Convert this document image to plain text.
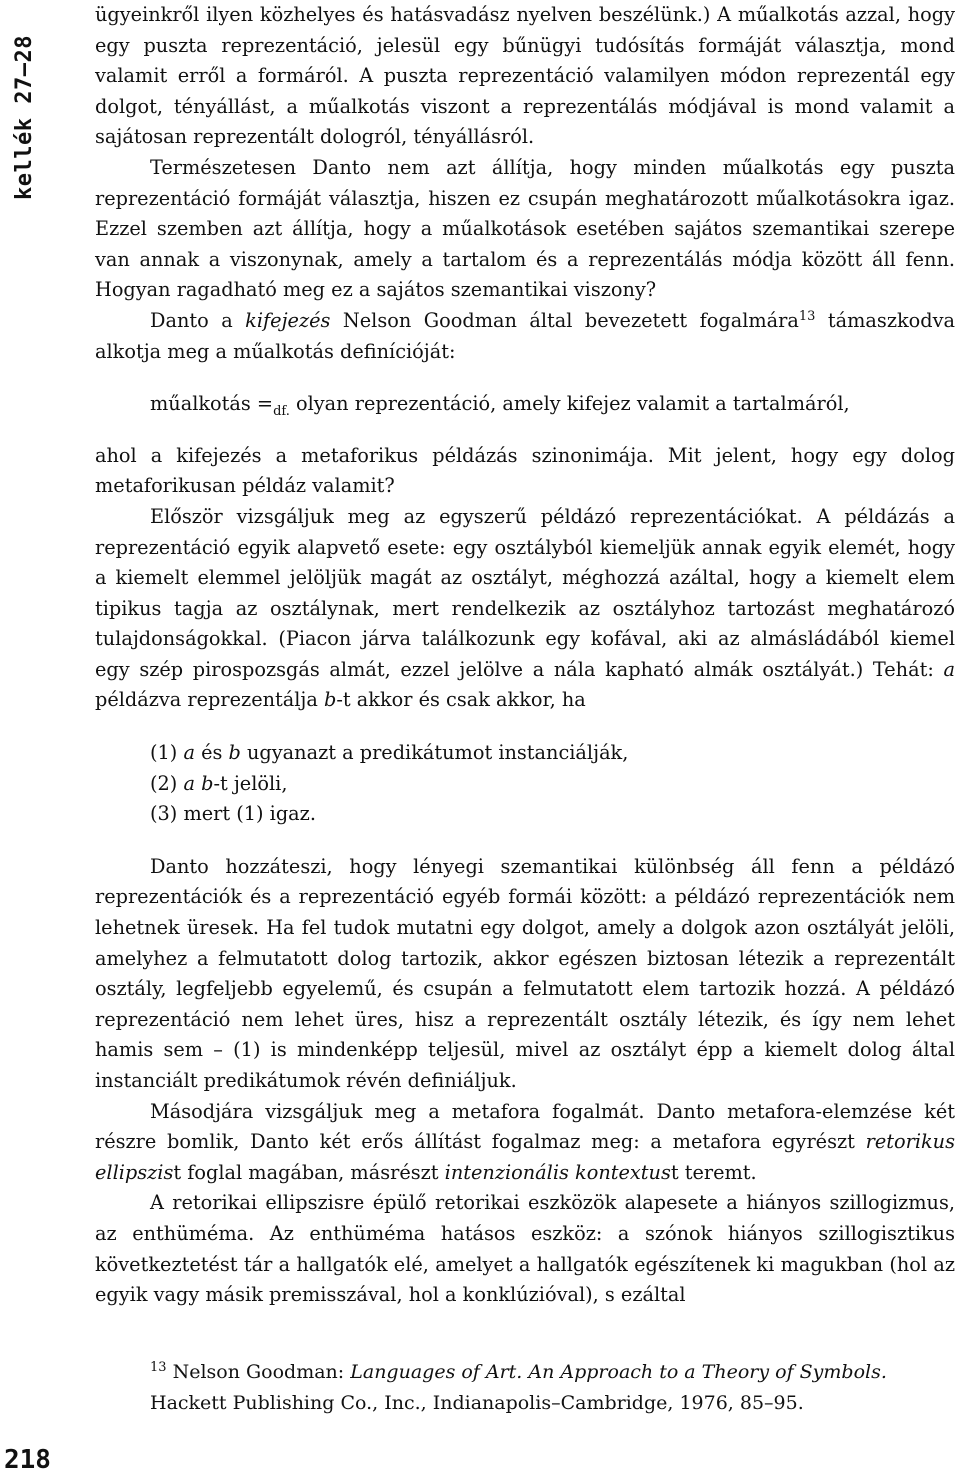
kellék 27–28

ügyeinkről ilyen közhelyes és hatásvadász nyelven beszélünk.) A műalkotás azzal, hogy egy puszta reprezentáció, jelesül egy bűnügyi tudósítás formáját választja, mond valamit erről a formáról. A puszta reprezentáció valamilyen módon reprezentál egy dolgot, tényállást, a műalkotás viszont a reprezentálás módjával is mond valamit a sajátosan reprezentált dologról, tényállásról.

Természetesen Danto nem azt állítja, hogy minden műalkotás egy puszta reprezentáció formáját választja, hiszen ez csupán meghatározott műalkotásokra igaz. Ezzel szemben azt állítja, hogy a műalkotások esetében sajátos szemantikai szerepe van annak a viszonynak, amely a tartalom és a reprezentálás módja között áll fenn. Hogyan ragadható meg ez a sajátos szemantikai viszony?

Danto a kifejezés Nelson Goodman által bevezetett fogalmára$^{13}$ támaszkodva alkotja meg a műalkotás definícióját:

műalkotás $=_{df.}$ olyan reprezentáció, amely kifejez valamit a tartalmáról,

ahol a kifejezés a metaforikus példázás szinonimája. Mit jelent, hogy egy dolog metaforikusan példáz valamit?

Először vizsgáljuk meg az egyszerű példázó reprezentációkat. A példázás a reprezentáció egyik alapvető esete: egy osztályból kiemeljük annak egyik elemét, hogy a kiemelt elemmel jelöljük magát az osztályt, méghozzá azáltal, hogy a kiemelt elem tipikus tagja az osztálynak, mert rendelkezik az osztályhoz tartozást meghatározó tulajdonságokkal. (Piacon járva találkozunk egy kofával, aki az almásládából kiemel egy szép pirospozsgás almát, ezzel jelölve a nála kapható almák osztályát.) Tehát: a példázva reprezentálja b-t akkor és csak akkor, ha

(1) a és b ugyanazt a predikátumot instanciálják,
(2) a b-t jelöli,
(3) mert (1) igaz.

Danto hozzáteszi, hogy lényegi szemantikai különbség áll fenn a példázó reprezentációk és a reprezentáció egyéb formái között: a példázó reprezentációk nem lehetnek üresek. Ha fel tudok mutatni egy dolgot, amely a dolgok azon osztályát jelöli, amelyhez a felmutatott dolog tartozik, akkor egészen biztosan létezik a reprezentált osztály, legfeljebb egyelemű, és csupán a felmutatott elem tartozik hozzá. A példázó reprezentáció nem lehet üres, hisz a reprezentált osztály létezik, és így nem lehet hamis sem – (1) is mindenképp teljesül, mivel az osztályt épp a kiemelt dolog által instanciált predikátumok révén definiáljuk.

Másodjára vizsgáljuk meg a metafora fogalmát. Danto metafora-elemzése két részre bomlik, Danto két erős állítást fogalmaz meg: a metafora egyrészt retorikus ellipszist foglal magában, másrészt intenzionális kontextust teremt.

A retorikai ellipszisre épülő retorikai eszközök alapesete a hiányos szillogizmus, az enthüméma. Az enthüméma hatásos eszköz: a szónok hiányos szillogisztikus következtetést tár a hallgatók elé, amelyet a hallgatók egészítenek ki magukban (hol az egyik vagy másik premisszával, hol a konklúzióval), s ezáltal

$^{13}$ Nelson Goodman: Languages of Art. An Approach to a Theory of Symbols. Hackett Publishing Co., Inc., Indianapolis–Cambridge, 1976, 85–95.
218
